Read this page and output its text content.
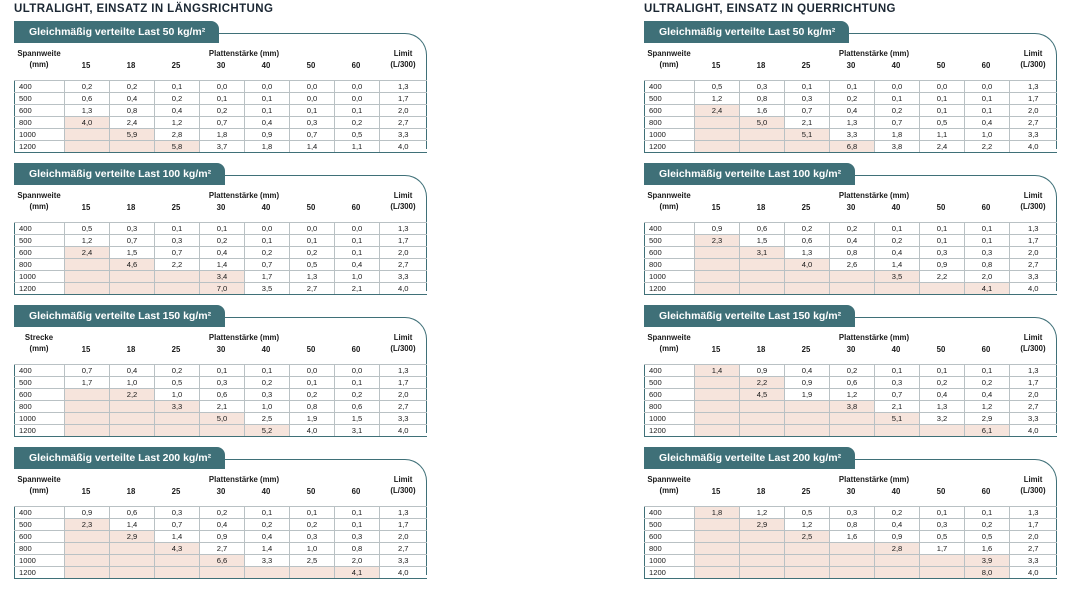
ULTRALIGHT, EINSATZ IN LÄNGSRICHTUNG
Gleichmäßig verteilte Last 50 kg/m²
Spannweite
(mm)
Plattenstärke (mm)	Limit
(L/300)
15	18	25	30	40	50	60
400	0,2	0,2	0,1	0,0	0,0	0,0	0,0	1,3
500	0,6	0,4	0,2	0,1	0,1	0,0	0,0	1,7
600	1,3	0,8	0,4	0,2	0,1	0,1	0,1	2,0
800	4,0	2,4	1,2	0,7	0,4	0,3	0,2	2,7
1000		5,9	2,8	1,8	0,9	0,7	0,5	3,3
1200			5,8	3,7	1,8	1,4	1,1	4,0
Gleichmäßig verteilte Last 100 kg/m²
Spannweite
(mm)
Plattenstärke (mm)	Limit
(L/300)
15	18	25	30	40	50	60
400	0,5	0,3	0,1	0,1	0,0	0,0	0,0	1,3
500	1,2	0,7	0,3	0,2	0,1	0,1	0,1	1,7
600	2,4	1,5	0,7	0,4	0,2	0,2	0,1	2,0
800		4,6	2,2	1,4	0,7	0,5	0,4	2,7
1000				3,4	1,7	1,3	1,0	3,3
1200				7,0	3,5	2,7	2,1	4,0
Gleichmäßig verteilte Last 150 kg/m²
Strecke
(mm)
Plattenstärke (mm)	Limit
(L/300)
15	18	25	30	40	50	60
400	0,7	0,4	0,2	0,1	0,1	0,0	0,0	1,3
500	1,7	1,0	0,5	0,3	0,2	0,1	0,1	1,7
600		2,2	1,0	0,6	0,3	0,2	0,2	2,0
800			3,3	2,1	1,0	0,8	0,6	2,7
1000				5,0	2,5	1,9	1,5	3,3
1200					5,2	4,0	3,1	4,0
Gleichmäßig verteilte Last 200 kg/m²
Spannweite
(mm)
Plattenstärke (mm)	Limit
(L/300)
15	18	25	30	40	50	60
400	0,9	0,6	0,3	0,2	0,1	0,1	0,1	1,3
500	2,3	1,4	0,7	0,4	0,2	0,2	0,1	1,7
600		2,9	1,4	0,9	0,4	0,3	0,3	2,0
800			4,3	2,7	1,4	1,0	0,8	2,7
1000				6,6	3,3	2,5	2,0	3,3
1200							4,1	4,0
ULTRALIGHT, EINSATZ IN QUERRICHTUNG
Gleichmäßig verteilte Last 50 kg/m²
Spannweite
(mm)
Plattenstärke (mm)	Limit
(L/300)
15	18	25	30	40	50	60
400	0,5	0,3	0,1	0,1	0,0	0,0	0,0	1,3
500	1,2	0,8	0,3	0,2	0,1	0,1	0,1	1,7
600	2,4	1,6	0,7	0,4	0,2	0,1	0,1	2,0
800		5,0	2,1	1,3	0,7	0,5	0,4	2,7
1000			5,1	3,3	1,8	1,1	1,0	3,3
1200				6,8	3,8	2,4	2,2	4,0
Gleichmäßig verteilte Last 100 kg/m²
Spannweite
(mm)
Plattenstärke (mm)	Limit
(L/300)
15	18	25	30	40	50	60
400	0,9	0,6	0,2	0,2	0,1	0,1	0,1	1,3
500	2,3	1,5	0,6	0,4	0,2	0,1	0,1	1,7
600		3,1	1,3	0,8	0,4	0,3	0,3	2,0
800			4,0	2,6	1,4	0,9	0,8	2,7
1000					3,5	2,2	2,0	3,3
1200							4,1	4,0
Gleichmäßig verteilte Last 150 kg/m²
Spannweite
(mm)
Plattenstärke (mm)	Limit
(L/300)
15	18	25	30	40	50	60
400	1,4	0,9	0,4	0,2	0,1	0,1	0,1	1,3
500		2,2	0,9	0,6	0,3	0,2	0,2	1,7
600		4,5	1,9	1,2	0,7	0,4	0,4	2,0
800				3,8	2,1	1,3	1,2	2,7
1000					5,1	3,2	2,9	3,3
1200							6,1	4,0
Gleichmäßig verteilte Last 200 kg/m²
Spannweite
(mm)
Plattenstärke (mm)	Limit
(L/300)
15	18	25	30	40	50	60
400	1,8	1,2	0,5	0,3	0,2	0,1	0,1	1,3
500		2,9	1,2	0,8	0,4	0,3	0,2	1,7
600			2,5	1,6	0,9	0,5	0,5	2,0
800					2,8	1,7	1,6	2,7
1000							3,9	3,3
1200							8,0	4,0
